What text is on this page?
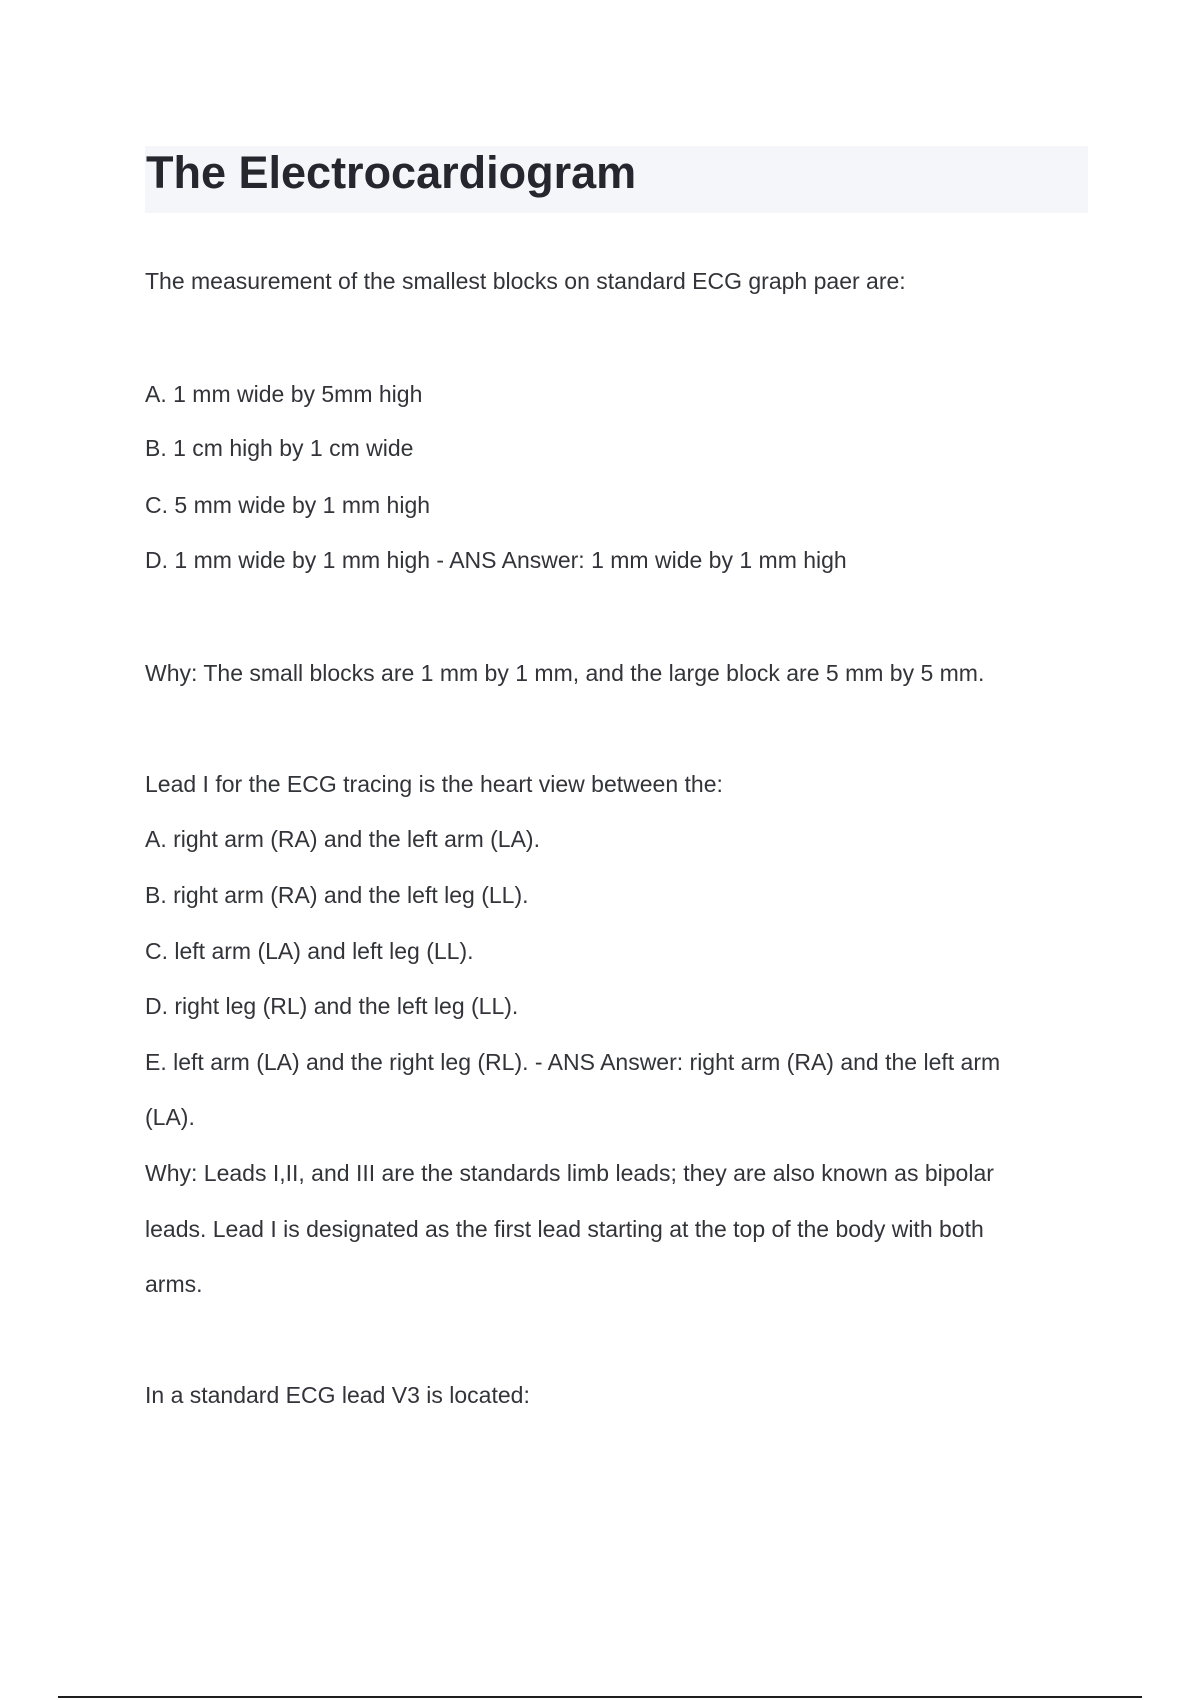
The Electrocardiogram

The measurement of the smallest blocks on standard ECG graph paer are:

A. 1 mm wide by 5mm high

B. 1 cm high by 1 cm wide

C. 5 mm wide by 1 mm high

D. 1 mm wide by 1 mm high - ANS Answer: 1 mm wide by 1 mm high

Why: The small blocks are 1 mm by 1 mm, and the large block are 5 mm by 5 mm.

Lead I for the ECG tracing is the heart view between the:

A. right arm (RA) and the left arm (LA).

B. right arm (RA) and the left leg (LL).

C. left arm (LA) and left leg (LL).

D. right leg (RL) and the left leg (LL).

E. left arm (LA) and the right leg (RL). - ANS Answer: right arm (RA) and the left arm

(LA).

Why: Leads I,II, and III are the standards limb leads; they are also known as bipolar

leads. Lead I is designated as the first lead starting at the top of the body with both

arms.

In a standard ECG lead V3 is located:
